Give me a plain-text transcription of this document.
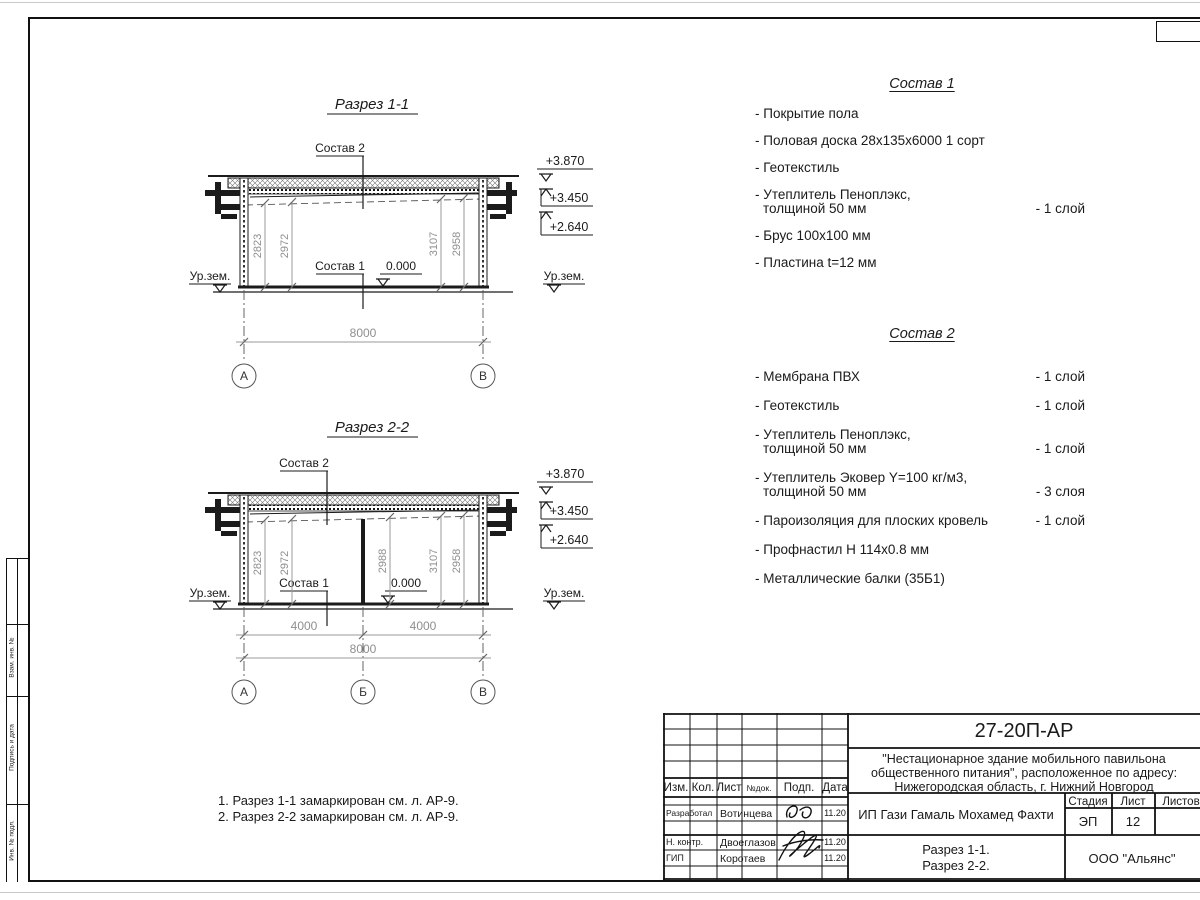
Взам. инв. №
Подпись и дата
Инв. № подл.
Разрез 1-1
Ур.зем.	Ур.зем.
Состав 2
Состав 1 0.000
2823 2972	3107 2958
8000
А	В
+3.870
+3.450
+2.640
Разрез 2-2
Ур.зем.	Ур.зем.
Состав 2
Состав 1	0.000
2823 2972	2988	3107 2958
4000	4000
8000
А	Б	В
+3.870
+3.450
+2.640
Состав 1
- Покрытие пола
- Половая доска 28х135х6000 1 сорт
- Геотекстиль
- Утеплитель Пеноплэкс,
толщиной 50 мм	- 1 слой
- Брус 100х100 мм
- Пластина t=12 мм
Состав 2
- Мембрана ПВХ	- 1 слой
- Геотекстиль	- 1 слой
- Утеплитель Пеноплэкс,
толщиной 50 мм	- 1 слой
- Утеплитель Эковер Y=100 кг/м3,
толщиной 50 мм	- 3 слоя
- Пароизоляция для плоских кровель	- 1 слой
- Профнастил Н 114х0.8 мм
- Металлические балки (35Б1)
1. Разрез 1-1 замаркирован см. л. АР-9.
2. Разрез 2-2 замаркирован см. л. АР-9.
Изм. Кол. Лист №док. Подп. Дата
Разработал Вотинцева	11.20
Н. контр. Двоеглазов	11.20
ГИП	Коротаев	11.20
27-20П-АР
"Нестационарное здание мобильного павильона
общественного питания", расположенное по адресу:
Нижегородская область, г. Нижний Новгород
ИП Гази Гамаль Мохамед Фахти
Стадия Лист Листов
ЭП 12
Разрез 1-1.
Разрез 2-2.	ООО "Альянс"
